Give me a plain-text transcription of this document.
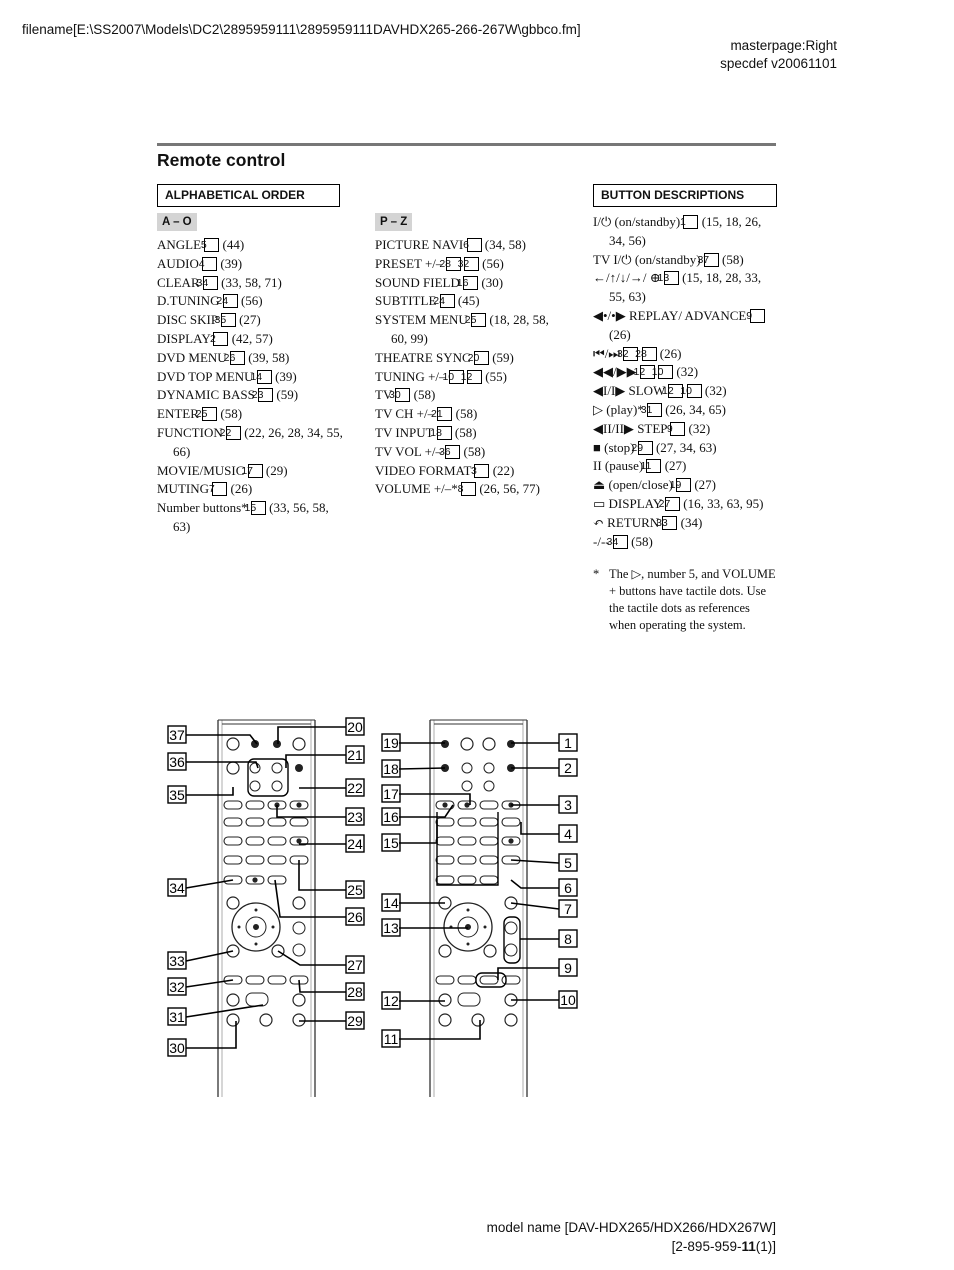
filename[E:\SS2007\Models\DC2\2895959111\2895959111DAVHDX265-266-267W\gbbco.fm]
masterpage:Right
specdef v20061101
Remote control
ALPHABETICAL ORDER	BUTTON DESCRIPTIONS
A – O	P – Z
ANGLE 5 (44)
AUDIO 4 (39)
CLEAR 34 (33, 58, 71)
D.TUNING 24 (56)
DISC SKIP 35 (27)
DISPLAY 2 (42, 57)
DVD MENU 26 (39, 58)
DVD TOP MENU 14 (39)
DYNAMIC BASS 23 (59)
ENTER 25 (58)
FUNCTION 22 (22, 26, 28, 34, 55, 66)
MOVIE/MUSIC 17 (29)
MUTING 7 (26)
Number buttons* 15 (33, 56, 58, 63)
PICTURE NAVI 6 (34, 58)
PRESET +/– 28 32 (56)
SOUND FIELD 16 (30)
SUBTITLE 24 (45)
SYSTEM MENU 25 (18, 28, 58, 60, 99)
THEATRE SYNC 20 (59)
TUNING +/– 10 12 (55)
TV 30 (58)
TV CH +/– 21 (58)
TV INPUT 18 (58)
TV VOL +/– 36 (58)
VIDEO FORMAT 3 (22)
VOLUME +/–* 8 (26, 56, 77)
I/⏻ (on/standby) 1 (15, 18, 26, 34, 56)
TV I/⏻ (on/standby) 37 (58)
←/↑/↓/→/ ⊕ 13 (15, 18, 28, 33, 55, 63)
◀•/•▶ REPLAY/ ADVANCE 9 (26)
⏮/⏭ 32 28 (26)
◀◀/▶▶ 12 10 (32)
◀I/I▶ SLOW 12 10 (32)
▷ (play)* 31 (26, 34, 65)
◀II/II▶ STEP 9 (32)
■ (stop) 29 (27, 34, 63)
II (pause) 11 (27)
⏏ (open/close) 19 (27)
▭ DISPLAY 27 (16, 33, 63, 95)
↶ RETURN 33 (34)
-/-- 34 (58)
* The ▷, number 5, and VOLUME + buttons have tactile dots. Use the tactile dots as references when operating the system.
37
36
35
34
33
32
31
30
20
21
22
23
24
25
26
27
28
29
19
18
17
16
15
14
13
12
11
1
2
3
4
5
6
7
8
9
10
model name [DAV-HDX265/HDX266/HDX267W]
[2-895-959-11(1)]
